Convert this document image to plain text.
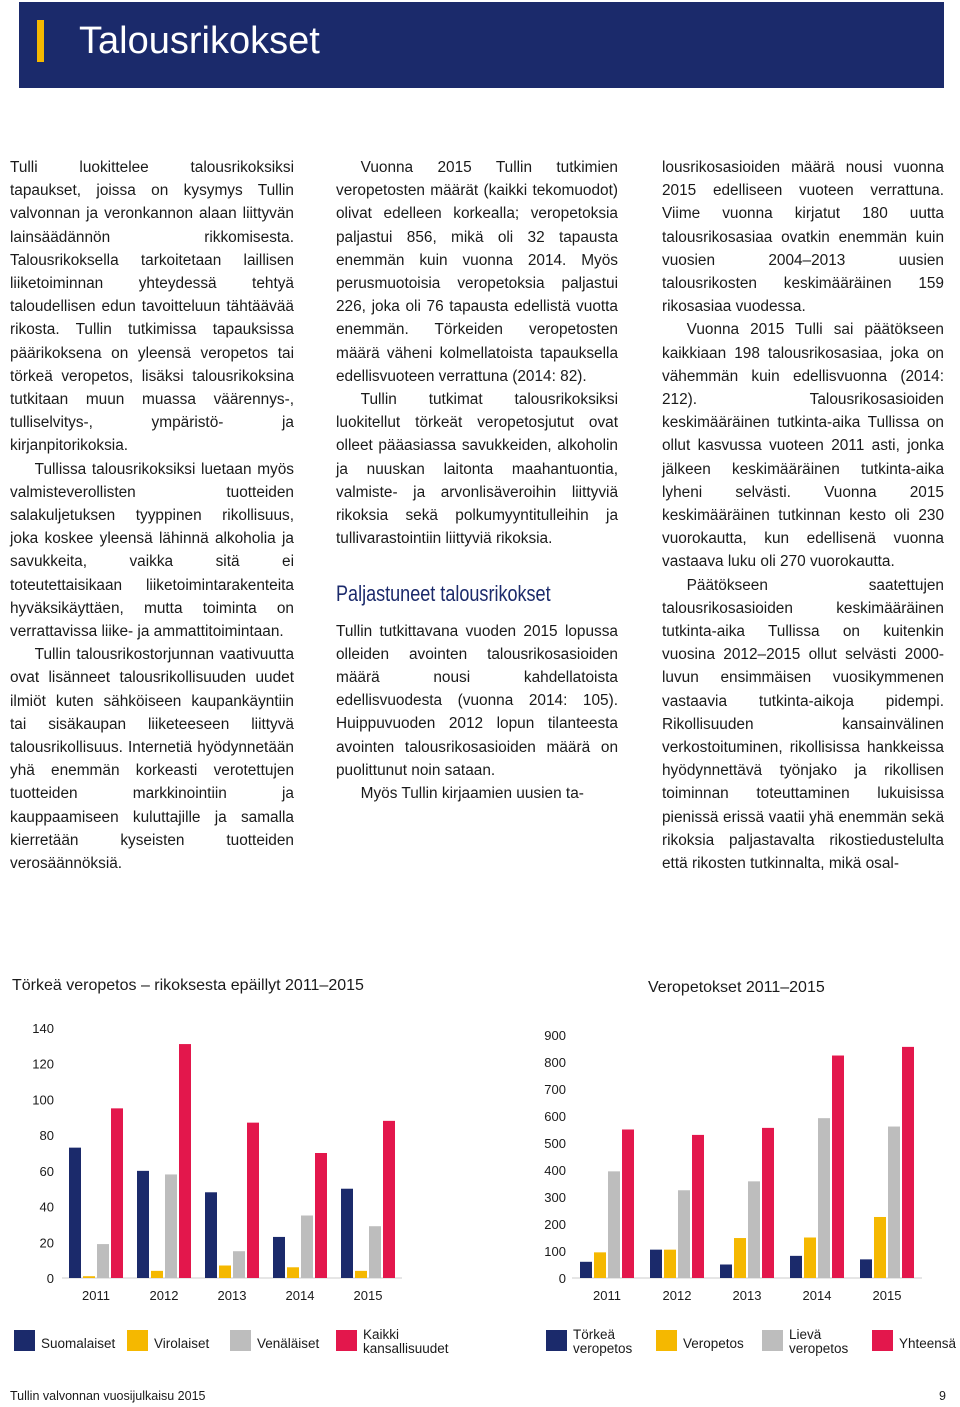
Talousrikokset

Tulli luokittelee talousrikoksiksi tapaukset, joissa on kysymys Tullin valvonnan ja veronkannon alaan liittyvän lainsäädännön rikkomisesta. Talousrikoksella tarkoitetaan laillisen liiketoiminnan yhteydessä tehtyä taloudellisen edun tavoitteluun tähtäävää rikosta. Tullin tutkimissa tapauksissa päärikoksena on yleensä veropetos tai törkeä veropetos, lisäksi talousrikoksina tutkitaan muun muassa väärennys-, tulliselvitys-, ympäristö- ja kirjanpitorikoksia.

Tullissa talousrikoksiksi luetaan myös valmisteverollisten tuotteiden salakuljetuksen tyyppinen rikollisuus, joka koskee yleensä lähinnä alkoholia ja savukkeita, vaikka sitä ei toteutettaisikaan liiketoimintarakenteita hyväksikäyttäen, mutta toiminta on verrattavissa liike- ja ammattitoimintaan.

Tullin talousrikostorjunnan vaativuutta ovat lisänneet talousrikollisuuden uudet ilmiöt kuten sähköiseen kaupankäyntiin tai sisäkaupan liiketeeseen liittyvä talousrikollisuus. Internetiä hyödynnetään yhä enemmän korkeasti verotettujen tuotteiden markkinointiin ja kauppaamiseen kuluttajille ja samalla kierretään kyseisten tuotteiden verosäännöksiä.

Vuonna 2015 Tullin tutkimien veropetosten määrät (kaikki tekomuodot) olivat edelleen korkealla; veropetoksia paljastui 856, mikä oli 32 tapausta enemmän kuin vuonna 2014. Myös perusmuotoisia veropetoksia paljastui 226, joka oli 76 tapausta edellistä vuotta enemmän. Törkeiden veropetosten määrä väheni kolmellatoista tapauksella edellisvuoteen verrattuna (2014: 82).

Tullin tutkimat talousrikoksiksi luokitellut törkeät veropetosjutut ovat olleet pääasiassa savukkeiden, alkoholin ja nuuskan laitonta maahantuontia, valmiste- ja arvonlisäveroihin liittyviä rikoksia sekä polkumyyntitulleihin ja tullivarastointiin liittyviä rikoksia.

Paljastuneet talousrikokset

Tullin tutkittavana vuoden 2015 lopussa olleiden avointen talousrikosasioiden määrä nousi kahdellatoista edellisvuodesta (vuonna 2014: 105). Huippuvuoden 2012 lopun tilanteesta avointen talousrikosasioiden määrä on puolittunut noin sataan.

Myös Tullin kirjaamien uusien ta-

lousrikosasioiden määrä nousi vuonna 2015 edelliseen vuoteen verrattuna. Viime vuonna kirjatut 180 uutta talousrikosasiaa ovatkin enemmän kuin vuosien 2004–2013 uusien talousrikosten keskimääräinen 159 rikosasiaa vuodessa.

Vuonna 2015 Tulli sai päätökseen kaikkiaan 198 talousrikosasiaa, joka on vähemmän kuin edellisvuonna (2014: 212). Talousrikosasioiden keskimääräinen tutkinta-aika Tullissa on ollut kasvussa vuoteen 2011 asti, jonka jälkeen keskimääräinen tutkinta-aika lyheni selvästi. Vuonna 2015 keskimääräinen tutkinnan kesto oli 230 vuorokautta, kun edellisenä vuonna vastaava luku oli 270 vuorokautta.

Päätökseen saatettujen talousrikosasioiden keskimääräinen tutkinta-aika Tullissa on kuitenkin vuosina 2012–2015 ollut selvästi 2000-luvun ensimmäisen vuosikymmenen vastaavia tutkinta-aikoja pidempi. Rikollisuuden kansainvälinen verkostoituminen, rikollisissa hankkeissa hyödynnettävä työnjako ja rikollisen toiminnan toteuttaminen lukuisissa pienissä erissä vaatii yhä enemmän sekä rikoksia paljastavalta rikostiedustelulta että rikosten tutkinnalta, mikä osal-

Törkeä veropetos – rikoksesta epäillyt 2011–2015
0
20
40
60
80
100
120
140
2011	2012	2013	2014	2015
Veropetokset 2011–2015
0
100
200
300
400
500
600
700
800
900
2011	2012	2013	2014	2015
Suomalaiset	Virolaiset	Venäläiset
Kaikki kansallisuudet
Törkeä veropetos	Veropetos
Lievä veropetos	Yhteensä
Tullin valvonnan vuosijulkaisu 2015	9
